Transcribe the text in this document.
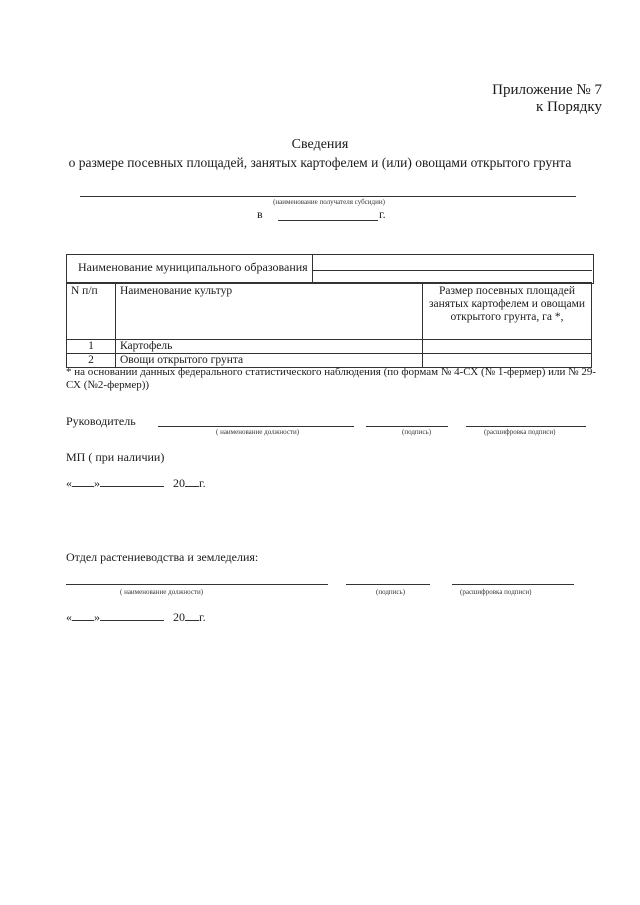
Приложение № 7
к Порядку
Сведения
о размере посевных площадей, занятых картофелем и (или) овощами открытого грунта
(наименование получателя субсидии)
в	г.
Наименование муниципального образования
N п/п	Наименование культур	Размер посевных площадей занятых картофелем и овощами открытого грунта, га *,
1	Картофель	
2	Овощи открытого грунта	
* на основании данных федерального статистического наблюдения (по формам № 4-СХ (№ 1-фермер) или № 29-СХ (№2-фермер))
Руководитель
( наименование должности)	(подпись)	(расшифровка подписи)
МП ( при наличии)
« »	20 г.
Отдел растениеводства и земледелия:
( наименование должности)	(подпись)	(расшифровка подписи)
« »	20 г.
